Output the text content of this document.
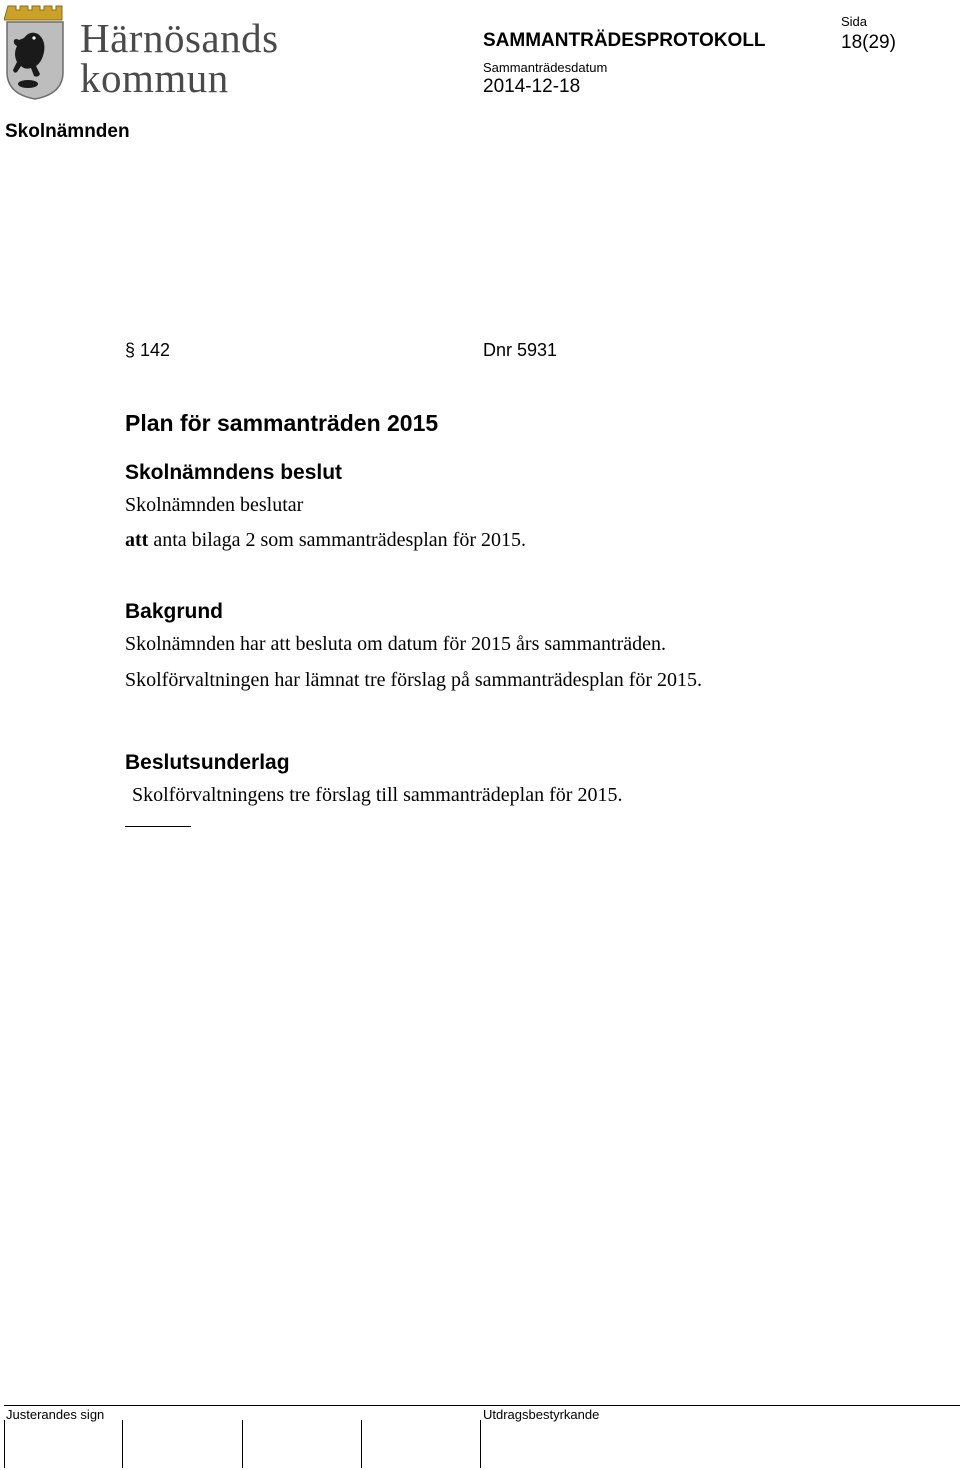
Härnösands
kommun
SAMMANTRÄDESPROTOKOLL
Sammanträdesdatum
2014-12-18
Sida
18(29)
Skolnämnden
§ 142	Dnr 5931
Plan för sammanträden 2015
Skolnämndens beslut
Skolnämnden beslutar
att anta bilaga 2 som sammanträdesplan för 2015.
Bakgrund
Skolnämnden har att besluta om datum för 2015 års sammanträden.
Skolförvaltningen har lämnat tre förslag på sammanträdesplan för 2015.
Beslutsunderlag
Skolförvaltningens tre förslag till sammanträdeplan för 2015.
Justerandes sign	Utdragsbestyrkande
